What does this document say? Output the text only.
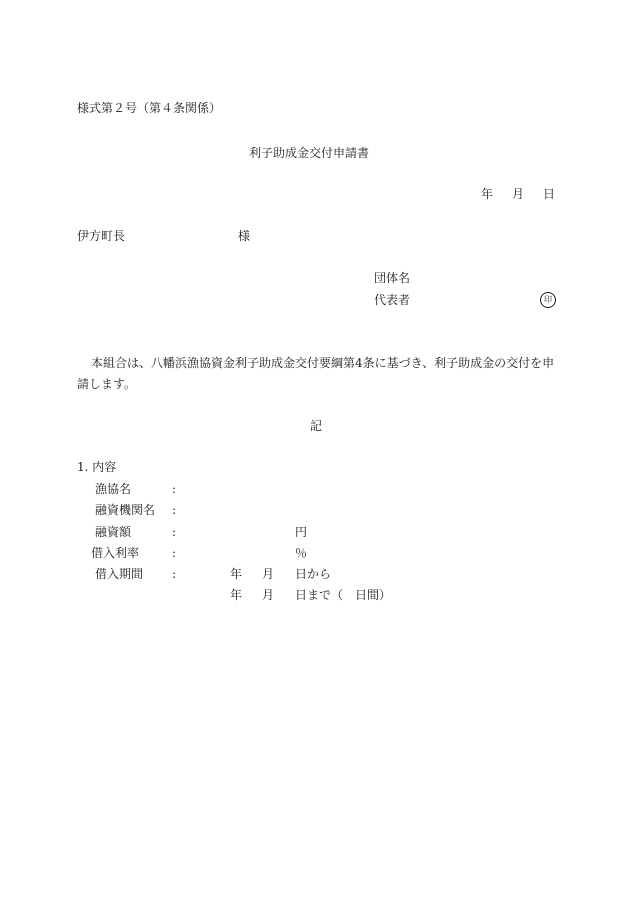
様式第２号（第４条関係）
利子助成金交付申請書
年 月 日
伊方町長	様
団体名
代表者	印
本組合は、八幡浜漁協資金利子助成金交付要綱第4条に基づき、利子助成金の交付を申請します。
記
1. 内容
漁協名	:
融資機関名 :
融資額	:	円
借入利率	:	％
借入期間 :	年 月 日から
年 月 日まで（ 日間）
